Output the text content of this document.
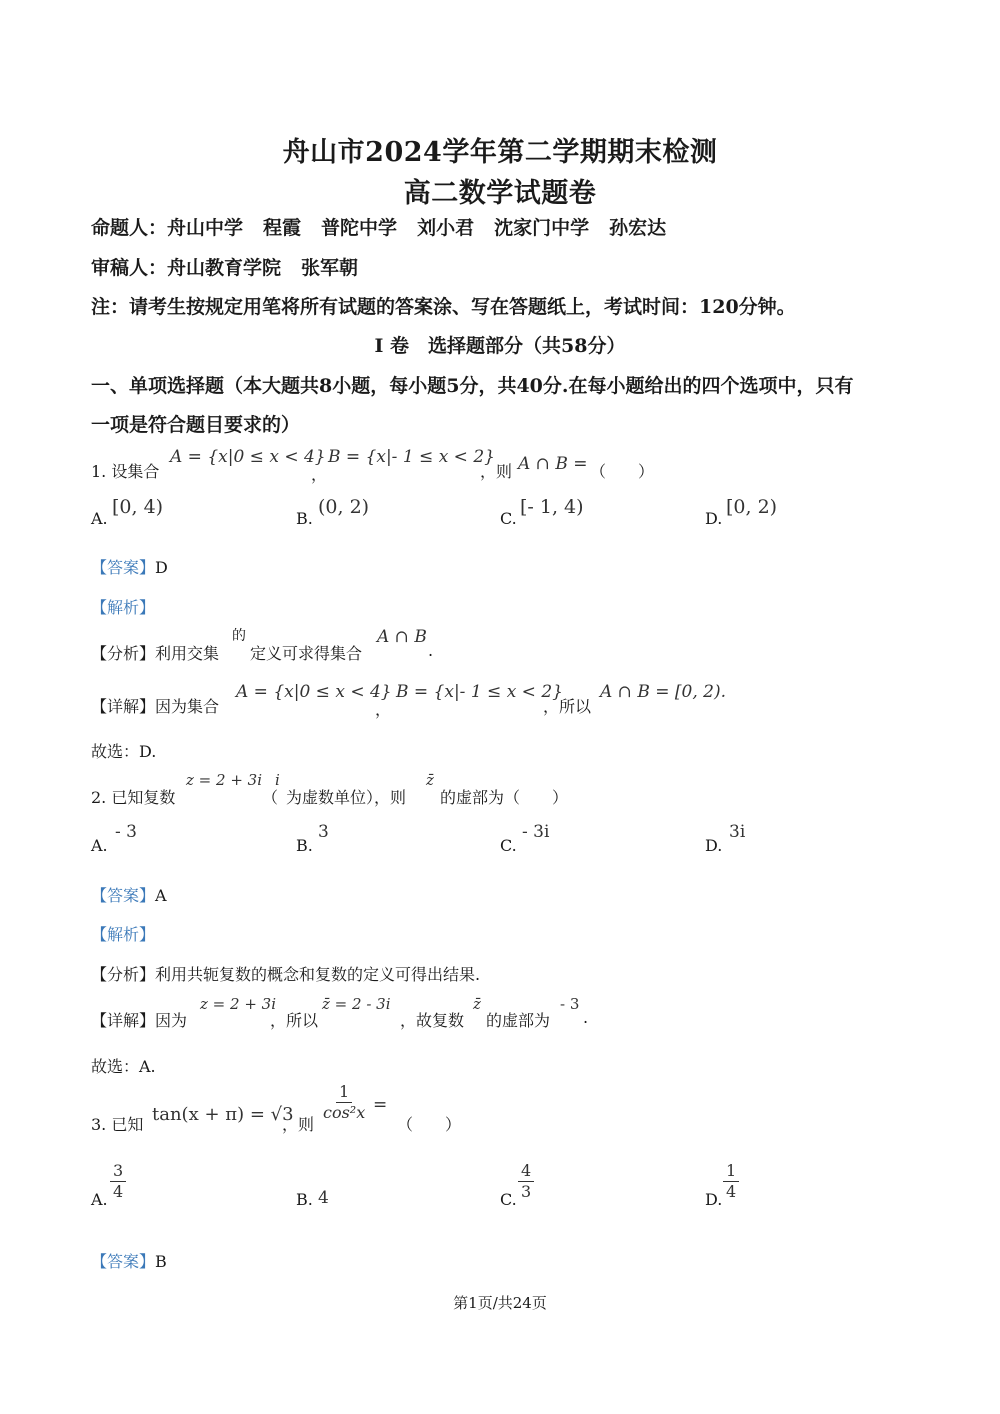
舟山市2024学年第二学期期末检测
高二数学试题卷
命题人：舟山中学 程霞 普陀中学 刘小君 沈家门中学 孙宏达
审稿人：舟山教育学院 张军朝
注：请考生按规定用笔将所有试题的答案涂、写在答题纸上，考试时间：120分钟。
Ⅰ 卷　选择题部分（共58分）
一、单项选择题（本大题共8小题，每小题5分，共40分.在每小题给出的四个选项中，只有
一项是符合题目要求的）
1. 设集合
A = {x|0 ≤ x < 4}
，
B = {x|- 1 ≤ x < 2}
，则 A ∩ B = （　　）
A.
[0, 4)
B.
(0, 2)
C.
[- 1, 4)
D.
[0, 2)
【答案】D
【解析】
【分析】利用交集
的
定义可求得集合
A ∩ B
.
【详解】因为集合
A = {x|0 ≤ x < 4}
，
B = {x|- 1 ≤ x < 2}
，所以
A ∩ B = [0, 2).
故选：D.
2. 已知复数
z = 2 + 3i
（
i
为虚数单位），则
z̄
的虚部为（　　）
A.
- 3
B.
3
C.
- 3i
D.
3i
【答案】A
【解析】
【分析】利用共轭复数的概念和复数的定义可得出结果.
【详解】因为
z = 2 + 3i
，所以
z̄ = 2 - 3i
，故复数
z̄
的虚部为
- 3
.
故选：A.
3. 已知 tan(x + π) = √3
，则
$\frac{1}{\text{cos²x}}$ =
（　　）
A. $\frac{3}{4}$	B. 4	C. $\frac{4}{3}$	D. $\frac{1}{4}$
【答案】B
第1页/共24页
